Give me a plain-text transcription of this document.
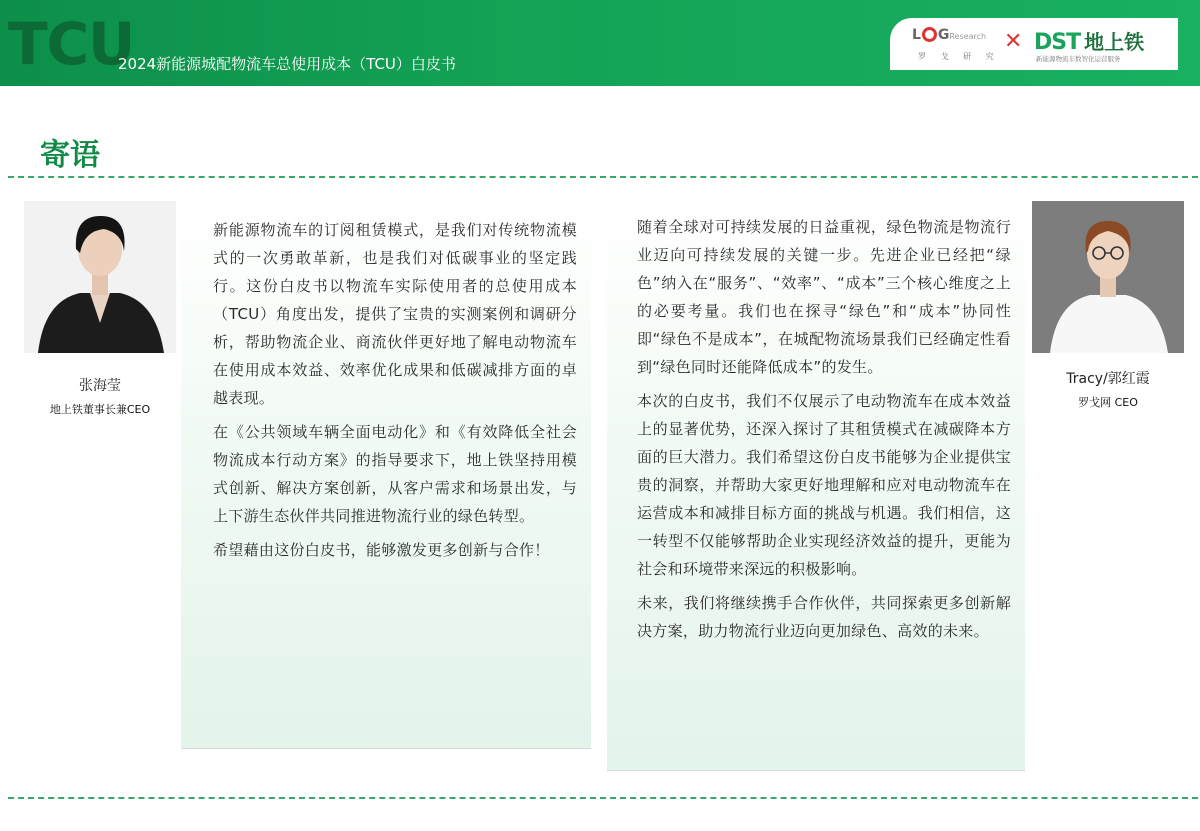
TCU
2024新能源城配物流车总使用成本（TCU）白皮书
L GResearch
罗 戈 研 究
✕ DST 地上铁
新能源物流车数智化运营服务
寄语
张海莹
地上铁董事长兼CEO

新能源物流车的订阅租赁模式，是我们对传统物流模式的一次勇敢革新，也是我们对低碳事业的坚定践行。这份白皮书以物流车实际使用者的总使用成本（TCU）角度出发，提供了宝贵的实测案例和调研分析，帮助物流企业、商流伙伴更好地了解电动物流车在使用成本效益、效率优化成果和低碳减排方面的卓越表现。

在《公共领域车辆全面电动化》和《有效降低全社会物流成本行动方案》的指导要求下，地上铁坚持用模式创新、解决方案创新，从客户需求和场景出发，与上下游生态伙伴共同推进物流行业的绿色转型。

希望藉由这份白皮书，能够激发更多创新与合作！

随着全球对可持续发展的日益重视，绿色物流是物流行业迈向可持续发展的关键一步。先进企业已经把“绿色”纳入在“服务”、“效率”、“成本”三个核心维度之上的必要考量。我们也在探寻“绿色”和“成本”协同性即“绿色不是成本”，在城配物流场景我们已经确定性看到“绿色同时还能降低成本”的发生。

本次的白皮书，我们不仅展示了电动物流车在成本效益上的显著优势，还深入探讨了其租赁模式在减碳降本方面的巨大潜力。我们希望这份白皮书能够为企业提供宝贵的洞察，并帮助大家更好地理解和应对电动物流车在运营成本和减排目标方面的挑战与机遇。我们相信，这一转型不仅能够帮助企业实现经济效益的提升，更能为社会和环境带来深远的积极影响。

未来，我们将继续携手合作伙伴，共同探索更多创新解决方案，助力物流行业迈向更加绿色、高效的未来。

Tracy/郭红霞
罗戈网 CEO
